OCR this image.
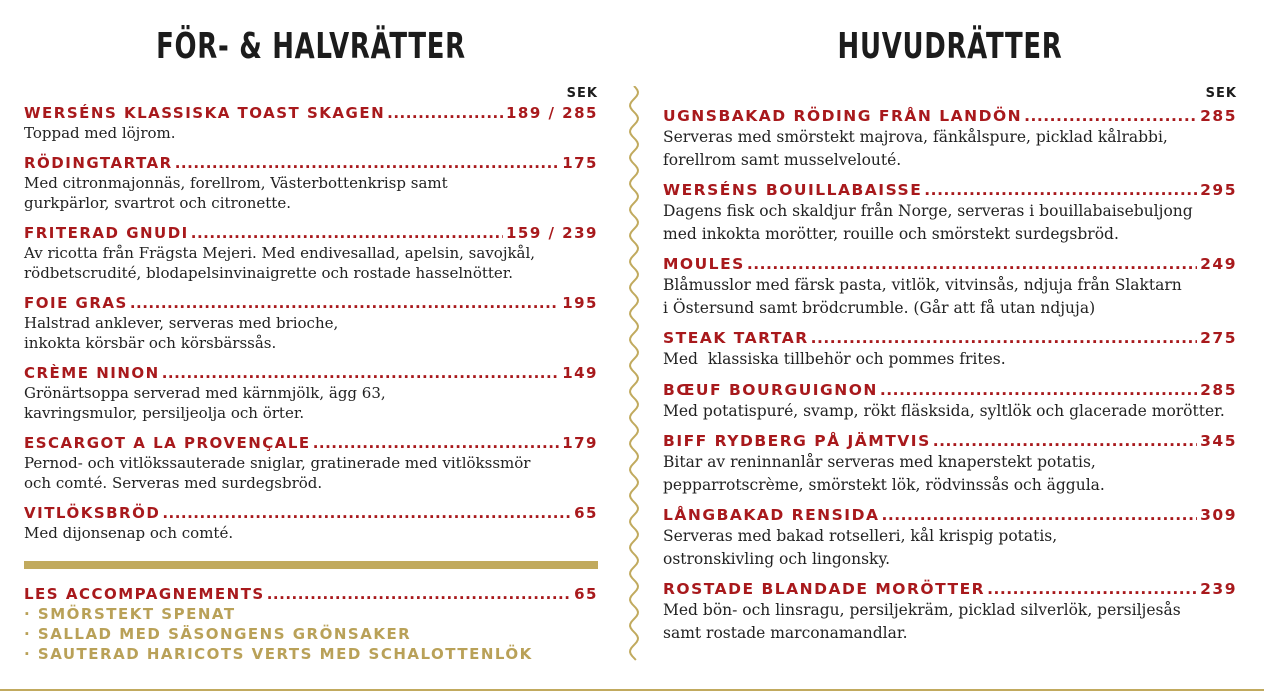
FÖR- & HALVRÄTTER
SEK
WERSÉNS KLASSISKA TOAST SKAGEN .....	189 / 285
Toppad med löjrom.
RÖDINGTARTAR .....	175
Med citronmajonnäs, forellrom, Västerbottenkrisp samt
gurkpärlor, svartrot och citronette.
FRITERAD GNUDI .....	159 / 239
Av ricotta från Frägsta Mejeri. Med endivesallad, apelsin, savojkål,
rödbetscrudité, blodapelsinvinaigrette och rostade hasselnötter.
FOIE GRAS .....	195
Halstrad anklever, serveras med brioche,
inkokta körsbär och körsbärssås.
CRÈME NINON .....	149
Grönärtsoppa serverad med kärnmjölk, ägg 63,
kavringsmulor, persiljeolja och örter.
ESCARGOT A LA PROVENÇALE .....	179
Pernod- och vitlökssauterade sniglar, gratinerade med vitlökssmör
och comté. Serveras med surdegsbröd.
VITLÖKSBRÖD .....	65
Med dijonsenap och comté.
LES ACCOMPAGNEMENTS .....	65
· SMÖRSTEKT SPENAT
· SALLAD MED SÄSONGENS GRÖNSAKER
· SAUTERAD HARICOTS VERTS MED SCHALOTTENLÖK
HUVUDRÄTTER
SEK
UGNSBAKAD RÖDING FRÅN LANDÖN .....	285
Serveras med smörstekt majrova, fänkålspure, picklad kålrabbi,
forellrom samt musselvelouté.
WERSÉNS BOUILLABAISSE .....	295
Dagens fisk och skaldjur från Norge, serveras i bouillabaisebuljong
med inkokta morötter, rouille och smörstekt surdegsbröd.
MOULES .....	249
Blåmusslor med färsk pasta, vitlök, vitvinsås, ndjuja från Slaktarn
i Östersund samt brödcrumble. (Går att få utan ndjuja)
STEAK TARTAR .....	275
Med  klassiska tillbehör och pommes frites.
BŒUF BOURGUIGNON .....	285
Med potatispuré, svamp, rökt fläsksida, syltlök och glacerade morötter.
BIFF RYDBERG PÅ JÄMTVIS .....	345
Bitar av reninnanlår serveras med knaperstekt potatis,
pepparrotscrème, smörstekt lök, rödvinssås och äggula.
LÅNGBAKAD RENSIDA .....	309
Serveras med bakad rotselleri, kål krispig potatis,
ostronskivling och lingonsky.
ROSTADE BLANDADE MORÖTTER .....	239
Med bön- och linsragu, persiljekräm, picklad silverlök, persiljesås
samt rostade marconamandlar.
